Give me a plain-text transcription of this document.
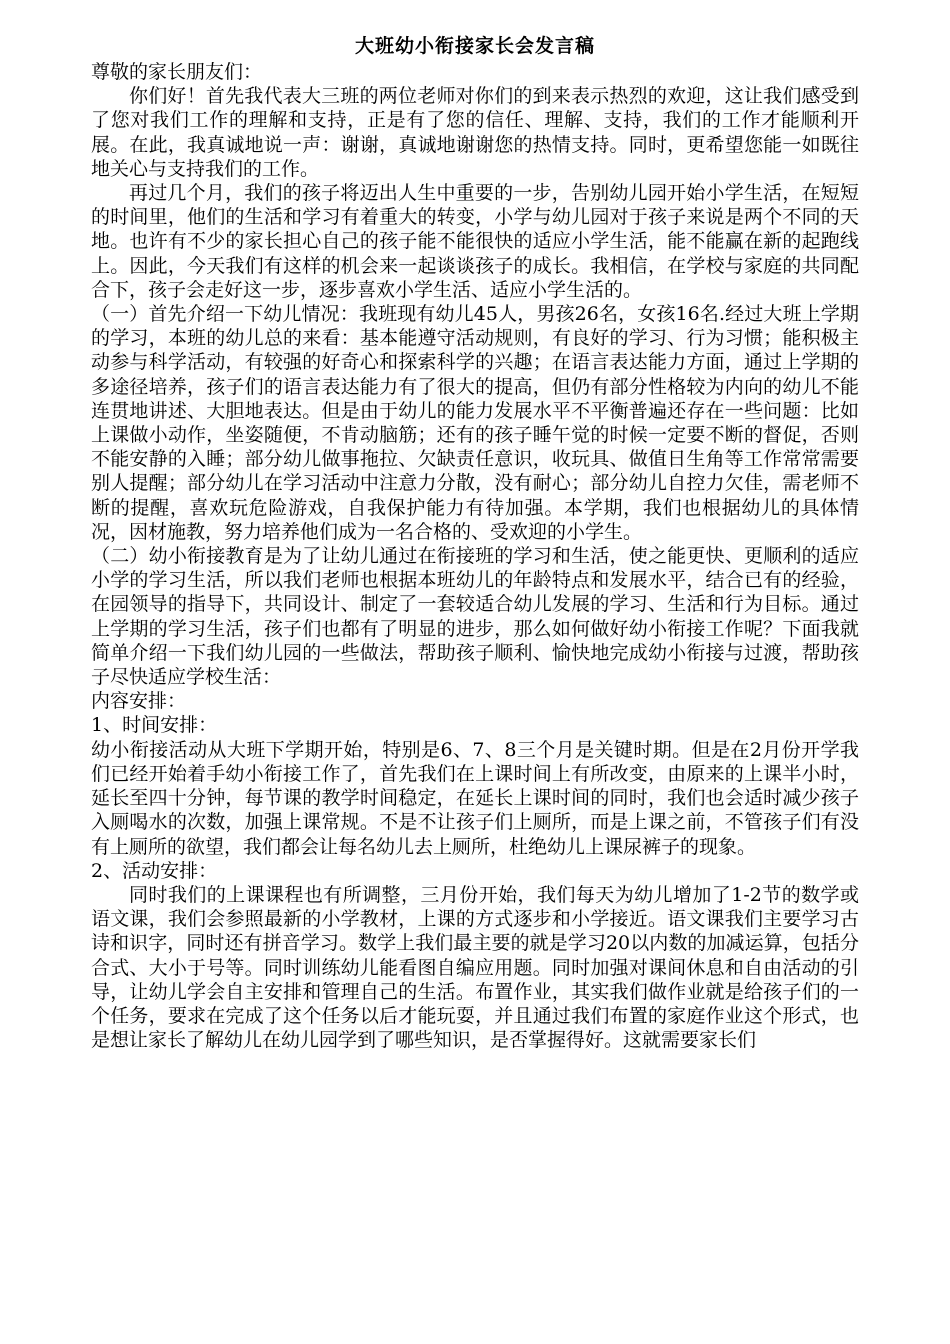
大班幼小衔接家长会发言稿

尊敬的家长朋友们：

你们好！首先我代表大三班的两位老师对你们的到来表示热烈的欢迎，这让我们感受到了您对我们工作的理解和支持，正是有了您的信任、理解、支持，我们的工作才能顺利开展。在此，我真诚地说一声：谢谢，真诚地谢谢您的热情支持。同时，更希望您能一如既往地关心与支持我们的工作。

再过几个月，我们的孩子将迈出人生中重要的一步，告别幼儿园开始小学生活，在短短的时间里，他们的生活和学习有着重大的转变，小学与幼儿园对于孩子来说是两个不同的天地。也许有不少的家长担心自己的孩子能不能很快的适应小学生活，能不能赢在新的起跑线上。因此，今天我们有这样的机会来一起谈谈孩子的成长。我相信，在学校与家庭的共同配合下，孩子会走好这一步，逐步喜欢小学生活、适应小学生活的。

（一）首先介绍一下幼儿情况：我班现有幼儿45人，男孩26名，女孩16名.经过大班上学期的学习，本班的幼儿总的来看：基本能遵守活动规则，有良好的学习、行为习惯；能积极主动参与科学活动，有较强的好奇心和探索科学的兴趣；在语言表达能力方面，通过上学期的多途径培养，孩子们的语言表达能力有了很大的提高，但仍有部分性格较为内向的幼儿不能连贯地讲述、大胆地表达。但是由于幼儿的能力发展水平不平衡普遍还存在一些问题：比如上课做小动作，坐姿随便，不肯动脑筋；还有的孩子睡午觉的时候一定要不断的督促，否则不能安静的入睡；部分幼儿做事拖拉、欠缺责任意识，收玩具、做值日生角等工作常常需要别人提醒；部分幼儿在学习活动中注意力分散，没有耐心；部分幼儿自控力欠佳，需老师不断的提醒，喜欢玩危险游戏，自我保护能力有待加强。本学期，我们也根据幼儿的具体情况，因材施教，努力培养他们成为一名合格的、受欢迎的小学生。

（二）幼小衔接教育是为了让幼儿通过在衔接班的学习和生活，使之能更快、更顺利的适应小学的学习生活，所以我们老师也根据本班幼儿的年龄特点和发展水平，结合已有的经验，在园领导的指导下，共同设计、制定了一套较适合幼儿发展的学习、生活和行为目标。通过上学期的学习生活，孩子们也都有了明显的进步，那么如何做好幼小衔接工作呢？下面我就简单介绍一下我们幼儿园的一些做法，帮助孩子顺利、愉快地完成幼小衔接与过渡，帮助孩子尽快适应学校生活：

内容安排：

1、时间安排：

幼小衔接活动从大班下学期开始，特别是6、7、8三个月是关键时期。但是在2月份开学我们已经开始着手幼小衔接工作了，首先我们在上课时间上有所改变，由原来的上课半小时，延长至四十分钟，每节课的教学时间稳定，在延长上课时间的同时，我们也会适时减少孩子入厕喝水的次数，加强上课常规。不是不让孩子们上厕所，而是上课之前，不管孩子们有没有上厕所的欲望，我们都会让每名幼儿去上厕所，杜绝幼儿上课尿裤子的现象。

2、活动安排：

同时我们的上课课程也有所调整，三月份开始，我们每天为幼儿增加了1-2节的数学或语文课，我们会参照最新的小学教材，上课的方式逐步和小学接近。语文课我们主要学习古诗和识字，同时还有拼音学习。数学上我们最主要的就是学习20以内数的加减运算，包括分合式、大小于号等。同时训练幼儿能看图自编应用题。同时加强对课间休息和自由活动的引导，让幼儿学会自主安排和管理自己的生活。布置作业，其实我们做作业就是给孩子们的一个任务，要求在完成了这个任务以后才能玩耍，并且通过我们布置的家庭作业这个形式，也是想让家长了解幼儿在幼儿园学到了哪些知识，是否掌握得好。这就需要家长们
